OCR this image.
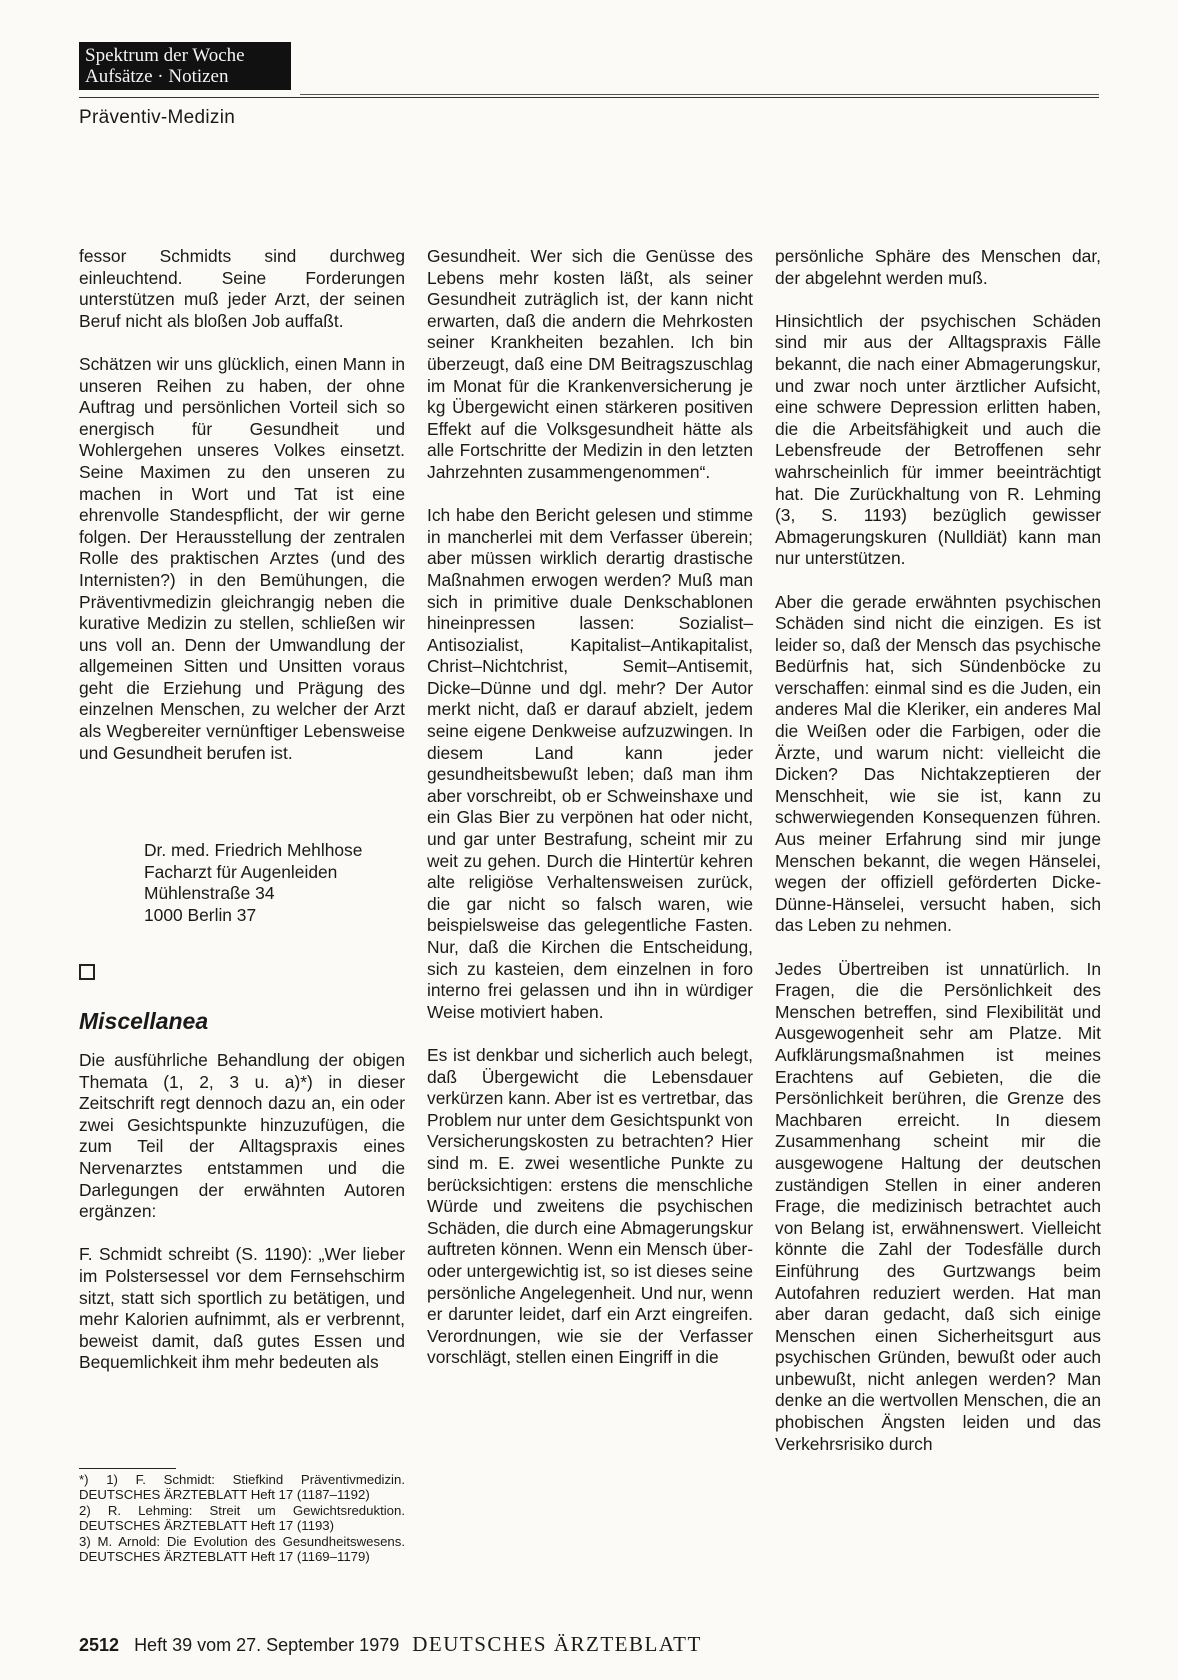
Spektrum der Woche
Aufsätze · Notizen
Präventiv-Medizin

fessor Schmidts sind durchweg einleuchtend. Seine Forderungen unterstützen muß jeder Arzt, der seinen Beruf nicht als bloßen Job auffaßt.

Schätzen wir uns glücklich, einen Mann in unseren Reihen zu haben, der ohne Auftrag und persönlichen Vorteil sich so energisch für Gesundheit und Wohlergehen unseres Volkes einsetzt. Seine Maximen zu den unseren zu machen in Wort und Tat ist eine ehrenvolle Standespflicht, der wir gerne folgen. Der Herausstellung der zentralen Rolle des praktischen Arztes (und des Internisten?) in den Bemühungen, die Präventivmedizin gleichrangig neben die kurative Medizin zu stellen, schließen wir uns voll an. Denn der Umwandlung der allgemeinen Sitten und Unsitten voraus geht die Erziehung und Prägung des einzelnen Menschen, zu welcher der Arzt als Wegbereiter vernünftiger Lebensweise und Gesundheit berufen ist.

Dr. med. Friedrich Mehlhose
Facharzt für Augenleiden
Mühlenstraße 34
1000 Berlin 37
Miscellanea

Die ausführliche Behandlung der obigen Themata (1, 2, 3 u. a)*) in dieser Zeitschrift regt dennoch dazu an, ein oder zwei Gesichtspunkte hinzuzufügen, die zum Teil der Alltagspraxis eines Nervenarztes entstammen und die Darlegungen der erwähnten Autoren ergänzen:

F. Schmidt schreibt (S. 1190): „Wer lieber im Polstersessel vor dem Fernsehschirm sitzt, statt sich sportlich zu betätigen, und mehr Kalorien aufnimmt, als er verbrennt, beweist damit, daß gutes Essen und Bequemlichkeit ihm mehr bedeuten als

*) 1) F. Schmidt: Stiefkind Präventivmedizin. DEUTSCHES ÄRZTEBLATT Heft 17 (1187–1192)
2) R. Lehming: Streit um Gewichtsreduktion. DEUTSCHES ÄRZTEBLATT Heft 17 (1193)
3) M. Arnold: Die Evolution des Gesundheitswesens. DEUTSCHES ÄRZTEBLATT Heft 17 (1169–1179)

Gesundheit. Wer sich die Genüsse des Lebens mehr kosten läßt, als seiner Gesundheit zuträglich ist, der kann nicht erwarten, daß die andern die Mehrkosten seiner Krankheiten bezahlen. Ich bin überzeugt, daß eine DM Beitragszuschlag im Monat für die Krankenversicherung je kg Übergewicht einen stärkeren positiven Effekt auf die Volksgesundheit hätte als alle Fortschritte der Medizin in den letzten Jahrzehnten zusammengenommen“.

Ich habe den Bericht gelesen und stimme in mancherlei mit dem Verfasser überein; aber müssen wirklich derartig drastische Maßnahmen erwogen werden? Muß man sich in primitive duale Denkschablonen hineinpressen lassen: Sozialist–Antisozialist, Kapitalist–Antikapitalist, Christ–Nichtchrist, Semit–Antisemit, Dicke–Dünne und dgl. mehr? Der Autor merkt nicht, daß er darauf abzielt, jedem seine eigene Denkweise aufzuzwingen. In diesem Land kann jeder gesundheitsbewußt leben; daß man ihm aber vorschreibt, ob er Schweinshaxe und ein Glas Bier zu verpönen hat oder nicht, und gar unter Bestrafung, scheint mir zu weit zu gehen. Durch die Hintertür kehren alte religiöse Verhaltensweisen zurück, die gar nicht so falsch waren, wie beispielsweise das gelegentliche Fasten. Nur, daß die Kirchen die Entscheidung, sich zu kasteien, dem einzelnen in foro interno frei gelassen und ihn in würdiger Weise motiviert haben.

Es ist denkbar und sicherlich auch belegt, daß Übergewicht die Lebensdauer verkürzen kann. Aber ist es vertretbar, das Problem nur unter dem Gesichtspunkt von Versicherungskosten zu betrachten? Hier sind m. E. zwei wesentliche Punkte zu berücksichtigen: erstens die menschliche Würde und zweitens die psychischen Schäden, die durch eine Abmagerungskur auftreten können. Wenn ein Mensch über- oder untergewichtig ist, so ist dieses seine persönliche Angelegenheit. Und nur, wenn er darunter leidet, darf ein Arzt eingreifen. Verordnungen, wie sie der Verfasser vorschlägt, stellen einen Eingriff in die

persönliche Sphäre des Menschen dar, der abgelehnt werden muß.

Hinsichtlich der psychischen Schäden sind mir aus der Alltagspraxis Fälle bekannt, die nach einer Abmagerungskur, und zwar noch unter ärztlicher Aufsicht, eine schwere Depression erlitten haben, die die Arbeitsfähigkeit und auch die Lebensfreude der Betroffenen sehr wahrscheinlich für immer beeinträchtigt hat. Die Zurückhaltung von R. Lehming (3, S. 1193) bezüglich gewisser Abmagerungskuren (Nulldiät) kann man nur unterstützen.

Aber die gerade erwähnten psychischen Schäden sind nicht die einzigen. Es ist leider so, daß der Mensch das psychische Bedürfnis hat, sich Sündenböcke zu verschaffen: einmal sind es die Juden, ein anderes Mal die Kleriker, ein anderes Mal die Weißen oder die Farbigen, oder die Ärzte, und warum nicht: vielleicht die Dicken? Das Nichtakzeptieren der Menschheit, wie sie ist, kann zu schwerwiegenden Konsequenzen führen. Aus meiner Erfahrung sind mir junge Menschen bekannt, die wegen Hänselei, wegen der offiziell geförderten Dicke-Dünne-Hänselei, versucht haben, sich das Leben zu nehmen.

Jedes Übertreiben ist unnatürlich. In Fragen, die die Persönlichkeit des Menschen betreffen, sind Flexibilität und Ausgewogenheit sehr am Platze. Mit Aufklärungsmaßnahmen ist meines Erachtens auf Gebieten, die die Persönlichkeit berühren, die Grenze des Machbaren erreicht. In diesem Zusammenhang scheint mir die ausgewogene Haltung der deutschen zuständigen Stellen in einer anderen Frage, die medizinisch betrachtet auch von Belang ist, erwähnenswert. Vielleicht könnte die Zahl der Todesfälle durch Einführung des Gurtzwangs beim Autofahren reduziert werden. Hat man aber daran gedacht, daß sich einige Menschen einen Sicherheitsgurt aus psychischen Gründen, bewußt oder auch unbewußt, nicht anlegen werden? Man denke an die wertvollen Menschen, die an phobischen Ängsten leiden und das Verkehrsrisiko durch

2512 Heft 39 vom 27. September 1979 DEUTSCHES ÄRZTEBLATT
